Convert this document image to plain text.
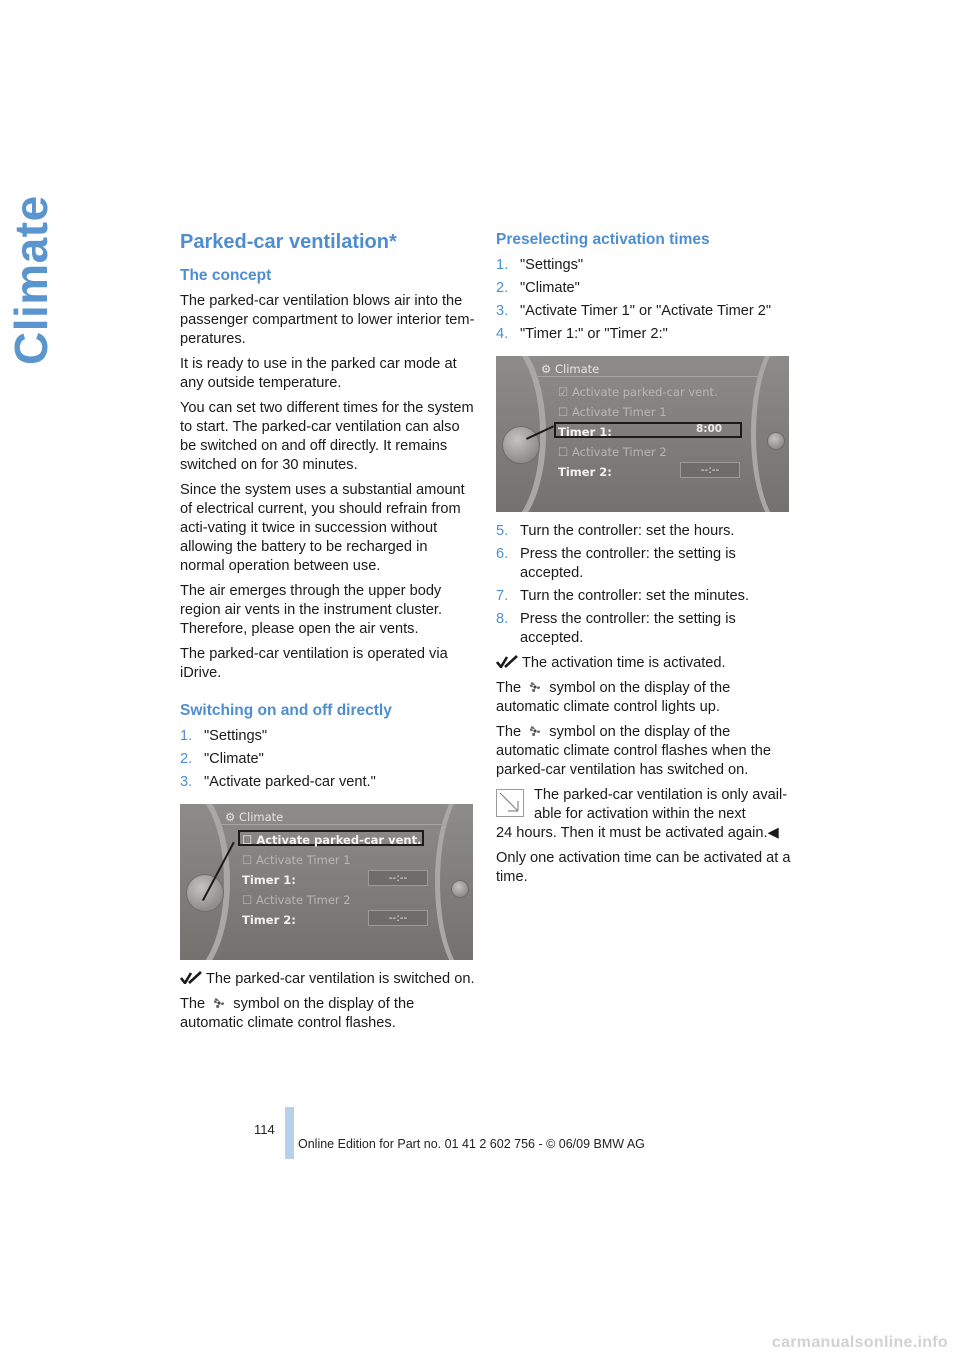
Climate	Parked-car ventilation*
The concept

The parked-car ventilation blows air into the passenger compartment to lower interior tem-peratures.

It is ready to use in the parked car mode at any outside temperature.

You can set two different times for the system to start. The parked-car ventilation can also be switched on and off directly. It remains switched on for 30 minutes.

Since the system uses a substantial amount of electrical current, you should refrain from acti-vating it twice in succession without allowing the battery to be recharged in normal operation between use.

The air emerges through the upper body region air vents in the instrument cluster. Therefore, please open the air vents.

The parked-car ventilation is operated via iDrive.

Switching on and off directly
1. "Settings"
2. "Climate"
3. "Activate parked-car vent."
⚙ Climate
☐ Activate parked-car vent.
☐ Activate Timer 1
Timer 1:	--:--
☐ Activate Timer 2
Timer 2:	--:--

The parked-car ventilation is switched on.

The symbol on the display of the automatic climate control flashes.

Preselecting activation times
1. "Settings"
2. "Climate"
3. "Activate Timer 1" or "Activate Timer 2"
4. "Timer 1:" or "Timer 2:"
⚙ Climate
☑ Activate parked-car vent.
☐ Activate Timer 1
Timer 1:	8:00
☐ Activate Timer 2
Timer 2:	--:--
5. Turn the controller: set the hours.
6. Press the controller: the setting is accepted.
7. Turn the controller: set the minutes.
8. Press the controller: the setting is accepted.

The activation time is activated.

The symbol on the display of the automatic climate control lights up.

The symbol on the display of the automatic climate control flashes when the parked-car ventilation has switched on.

The parked-car ventilation is only avail-able for activation within the next
24 hours. Then it must be activated again.◀

Only one activation time can be activated at a time.

114
Online Edition for Part no. 01 41 2 602 756 - © 06/09 BMW AG
carmanualsonline.info
